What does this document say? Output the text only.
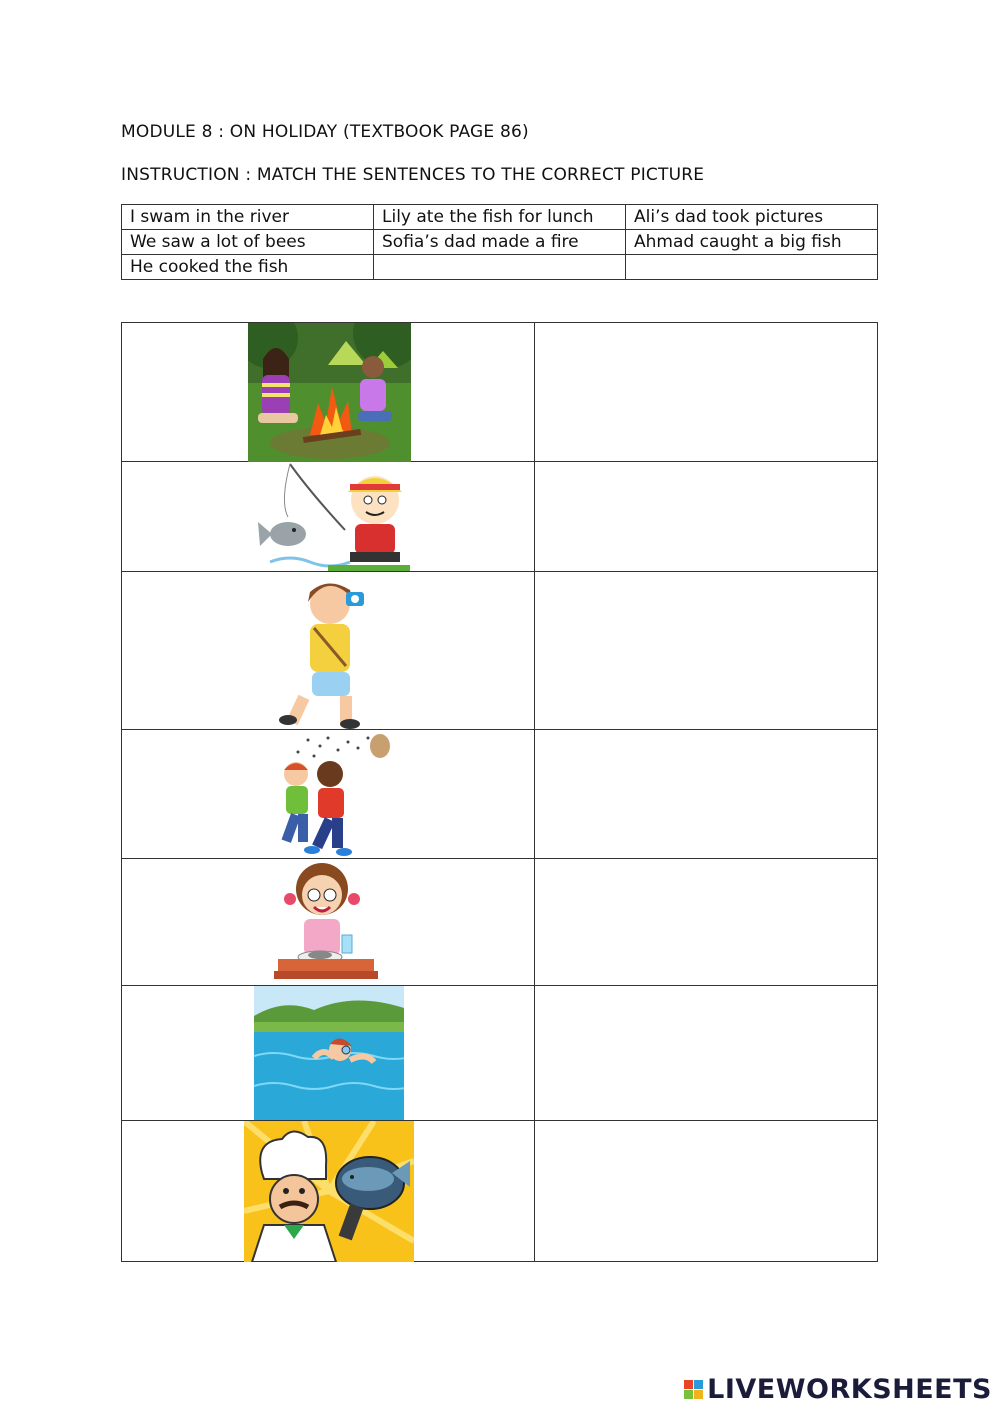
MODULE 8 : ON HOLIDAY (TEXTBOOK PAGE 86)
INSTRUCTION : MATCH THE SENTENCES TO THE CORRECT PICTURE
I swam in the river	Lily ate the fish for lunch	Ali’s dad took pictures
We saw a lot of bees	Sofia’s dad made a fire	Ahmad caught a big fish
He cooked the fish		

LIVEWORKSHEETS
